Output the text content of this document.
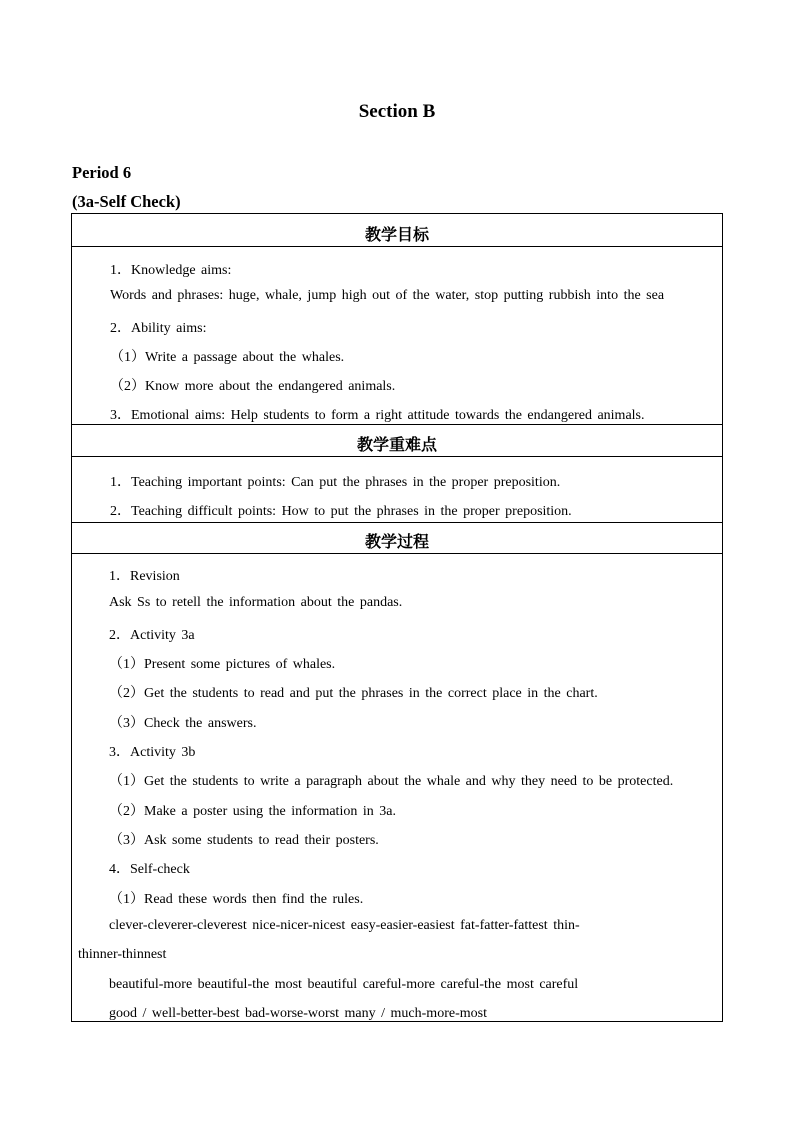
Section B
Period 6
(3a-Self Check)
教学目标
1．Knowledge aims:
Words and phrases: huge, whale, jump high out of the water, stop putting rubbish into the sea
2．Ability aims:
（1）Write a passage about the whales.
（2）Know more about the endangered animals.
3．Emotional aims: Help students to form a right attitude towards the endangered animals.
教学重难点
1．Teaching important points: Can put the phrases in the proper preposition.
2．Teaching difficult points: How to put the phrases in the proper preposition.
教学过程
1．Revision
Ask Ss to retell the information about the pandas.
2．Activity 3a
（1）Present some pictures of whales.
（2）Get the students to read and put the phrases in the correct place in the chart.
（3）Check the answers.
3．Activity 3b
（1）Get the students to write a paragraph about the whale and why they need to be protected.
（2）Make a poster using the information in 3a.
（3）Ask some students to read their posters.
4．Self-check
（1）Read these words then find the rules.
clever-cleverer-cleverest nice-nicer-nicest easy-easier-easiest fat-fatter-fattest thin-
thinner-thinnest
beautiful-more beautiful-the most beautiful careful-more careful-the most careful
good / well-better-best bad-worse-worst many / much-more-most
